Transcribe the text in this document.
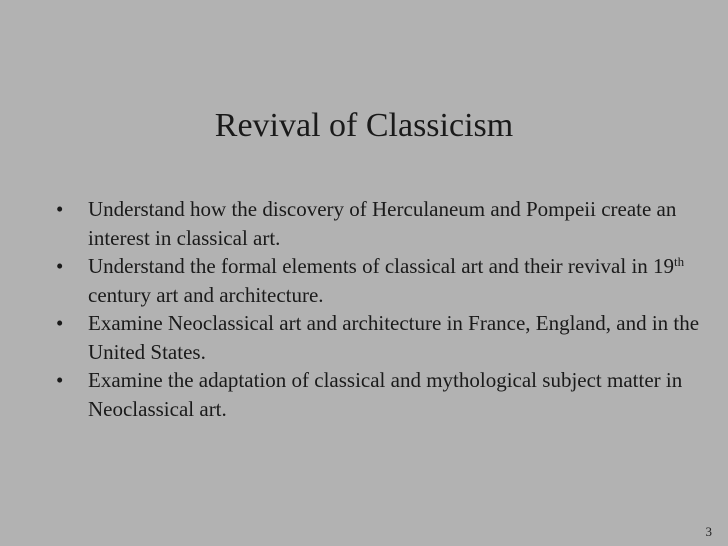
Revival of Classicism
•	Understand how the discovery of Herculaneum and Pompeii create an interest in classical art.
•	Understand the formal elements of classical art and their revival in 19th century art and architecture.
•	Examine Neoclassical art and architecture in France, England, and in the United States.
•	Examine the adaptation of classical and mythological subject matter in Neoclassical art.
3
